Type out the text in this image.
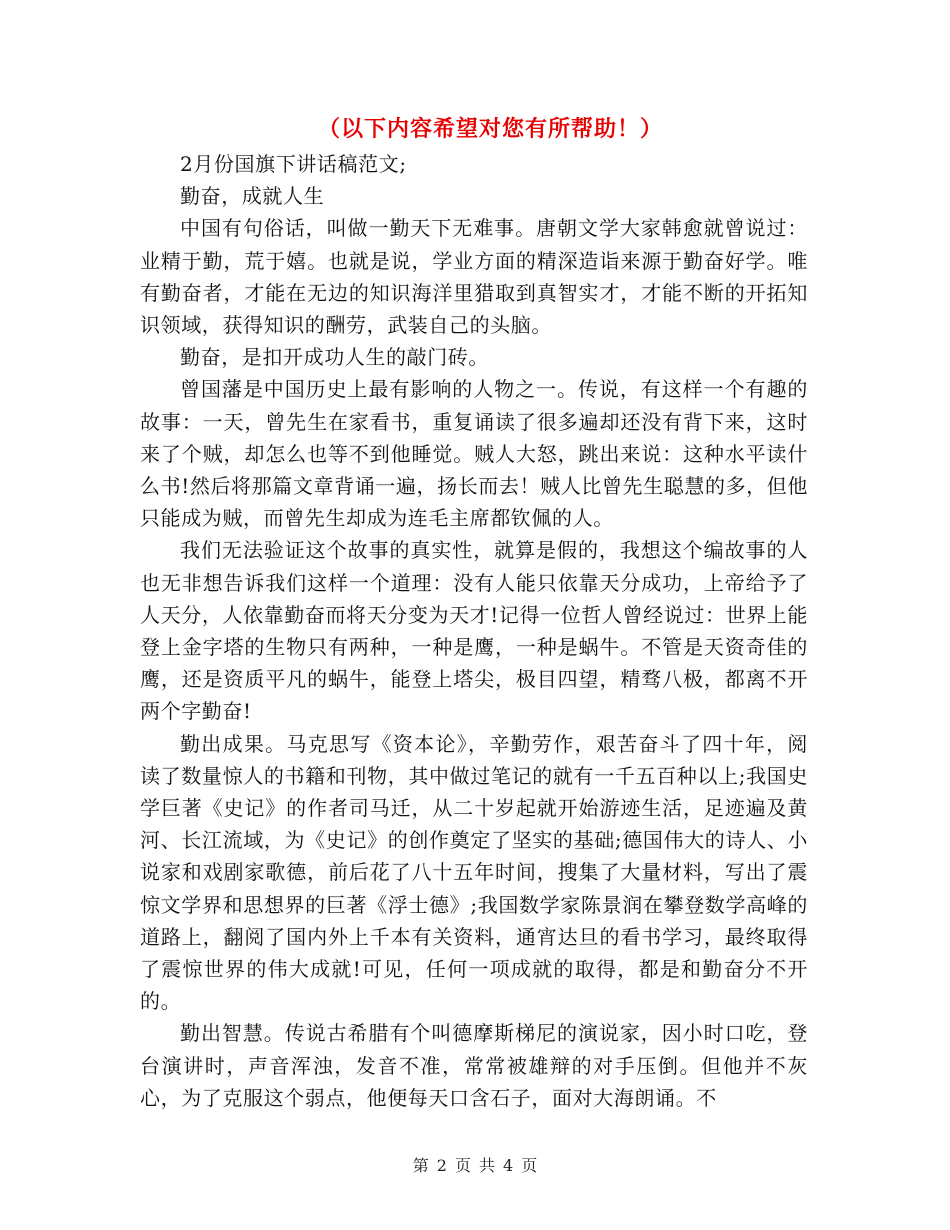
（以下内容希望对您有所帮助！）

2月份国旗下讲话稿范文;

勤奋，成就人生

中国有句俗话，叫做一勤天下无难事。唐朝文学大家韩愈就曾说过：业精于勤，荒于嬉。也就是说，学业方面的精深造诣来源于勤奋好学。唯有勤奋者，才能在无边的知识海洋里猎取到真智实才，才能不断的开拓知识领域，获得知识的酬劳，武装自己的头脑。

勤奋，是扣开成功人生的敲门砖。

曾国藩是中国历史上最有影响的人物之一。传说，有这样一个有趣的故事：一天，曾先生在家看书，重复诵读了很多遍却还没有背下来，这时来了个贼，却怎么也等不到他睡觉。贼人大怒，跳出来说：这种水平读什么书!然后将那篇文章背诵一遍，扬长而去！贼人比曾先生聪慧的多，但他只能成为贼，而曾先生却成为连毛主席都钦佩的人。

我们无法验证这个故事的真实性，就算是假的，我想这个编故事的人也无非想告诉我们这样一个道理：没有人能只依靠天分成功，上帝给予了人天分，人依靠勤奋而将天分变为天才!记得一位哲人曾经说过：世界上能登上金字塔的生物只有两种，一种是鹰，一种是蜗牛。不管是天资奇佳的鹰，还是资质平凡的蜗牛，能登上塔尖，极目四望，精骛八极，都离不开两个字勤奋!

勤出成果。马克思写《资本论》，辛勤劳作，艰苦奋斗了四十年，阅读了数量惊人的书籍和刊物，其中做过笔记的就有一千五百种以上;我国史学巨著《史记》的作者司马迁，从二十岁起就开始游迹生活，足迹遍及黄河、长江流域，为《史记》的创作奠定了坚实的基础;德国伟大的诗人、小说家和戏剧家歌德，前后花了八十五年时间，搜集了大量材料，写出了震惊文学界和思想界的巨著《浮士德》;我国数学家陈景润在攀登数学高峰的道路上，翻阅了国内外上千本有关资料，通宵达旦的看书学习，最终取得了震惊世界的伟大成就!可见，任何一项成就的取得，都是和勤奋分不开的。

勤出智慧。传说古希腊有个叫德摩斯梯尼的演说家，因小时口吃，登台演讲时，声音浑浊，发音不准，常常被雄辩的对手压倒。但他并不灰心，为了克服这个弱点，他便每天口含石子，面对大海朗诵。不

第 2 页 共 4 页
